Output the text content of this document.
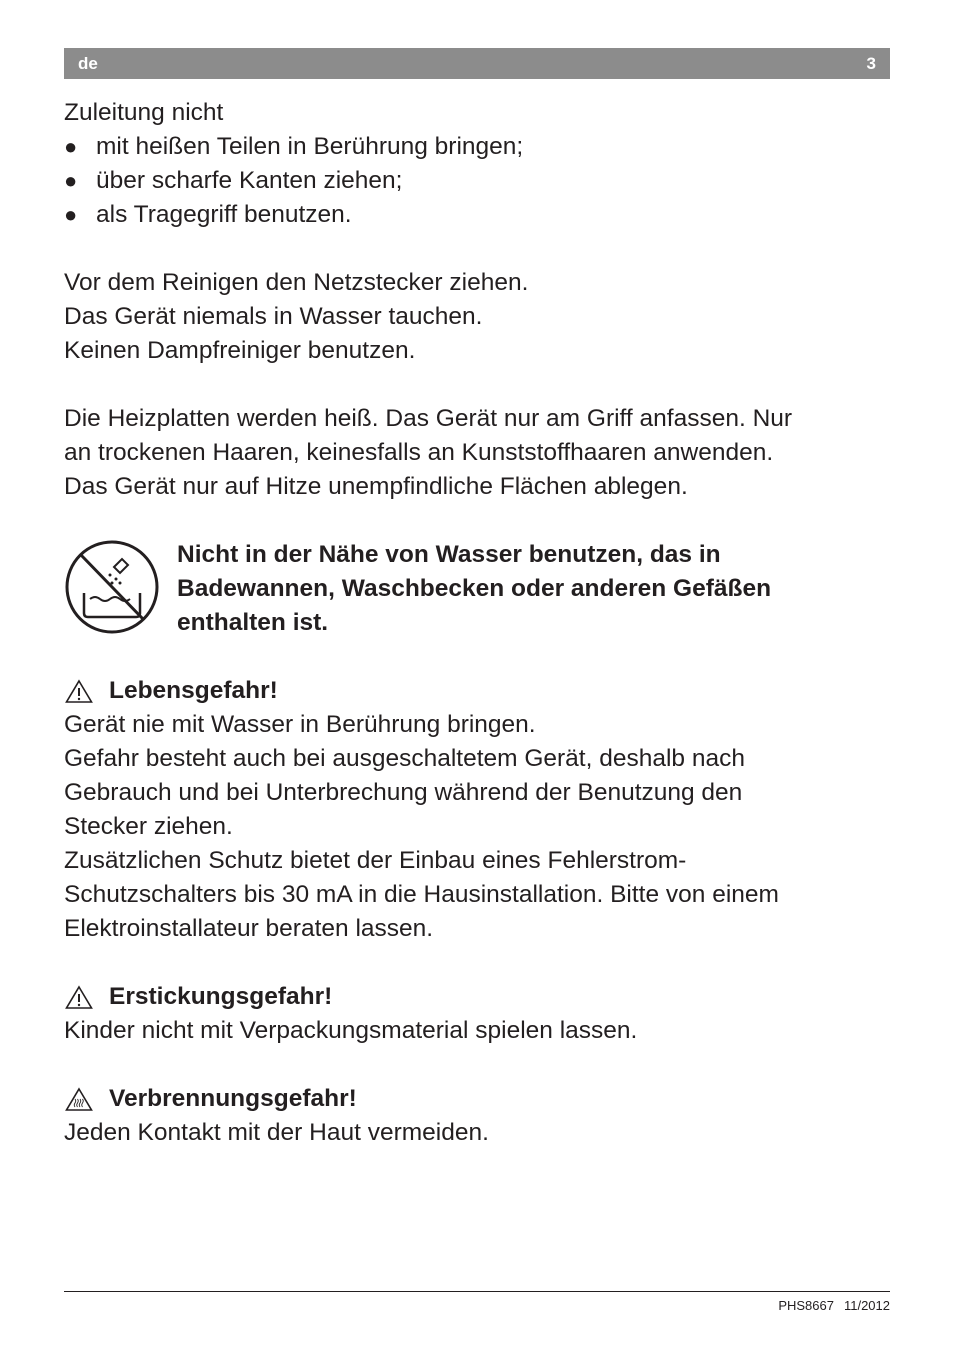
de	3
Zuleitung nicht
● mit heißen Teilen in Berührung bringen;
● über scharfe Kanten ziehen;
● als Tragegriff benutzen.
Vor dem Reinigen den Netzstecker ziehen.
Das Gerät niemals in Wasser tauchen.
Keinen Dampfreiniger benutzen.
Die Heizplatten werden heiß. Das Gerät nur am Griff anfassen. Nur
an trockenen Haaren, keinesfalls an Kunststoffhaaren anwenden.
Das Gerät nur auf Hitze unempfindliche Flächen ablegen.
Nicht in der Nähe von Wasser benutzen, das in
Badewannen, Waschbecken oder anderen Gefäßen
enthalten ist.
Lebensgefahr!
Gerät nie mit Wasser in Berührung bringen.
Gefahr besteht auch bei ausgeschaltetem Gerät, deshalb nach
Gebrauch und bei Unterbrechung während der Benutzung den
Stecker ziehen.
Zusätzlichen Schutz bietet der Einbau eines Fehlerstrom-
Schutzschalters bis 30 mA in die Hausinstallation. Bitte von einem
Elektroinstallateur beraten lassen.
Erstickungsgefahr!
Kinder nicht mit Verpackungsmaterial spielen lassen.
Verbrennungsgefahr!
Jeden Kontakt mit der Haut vermeiden.
PHS8667 11/2012
